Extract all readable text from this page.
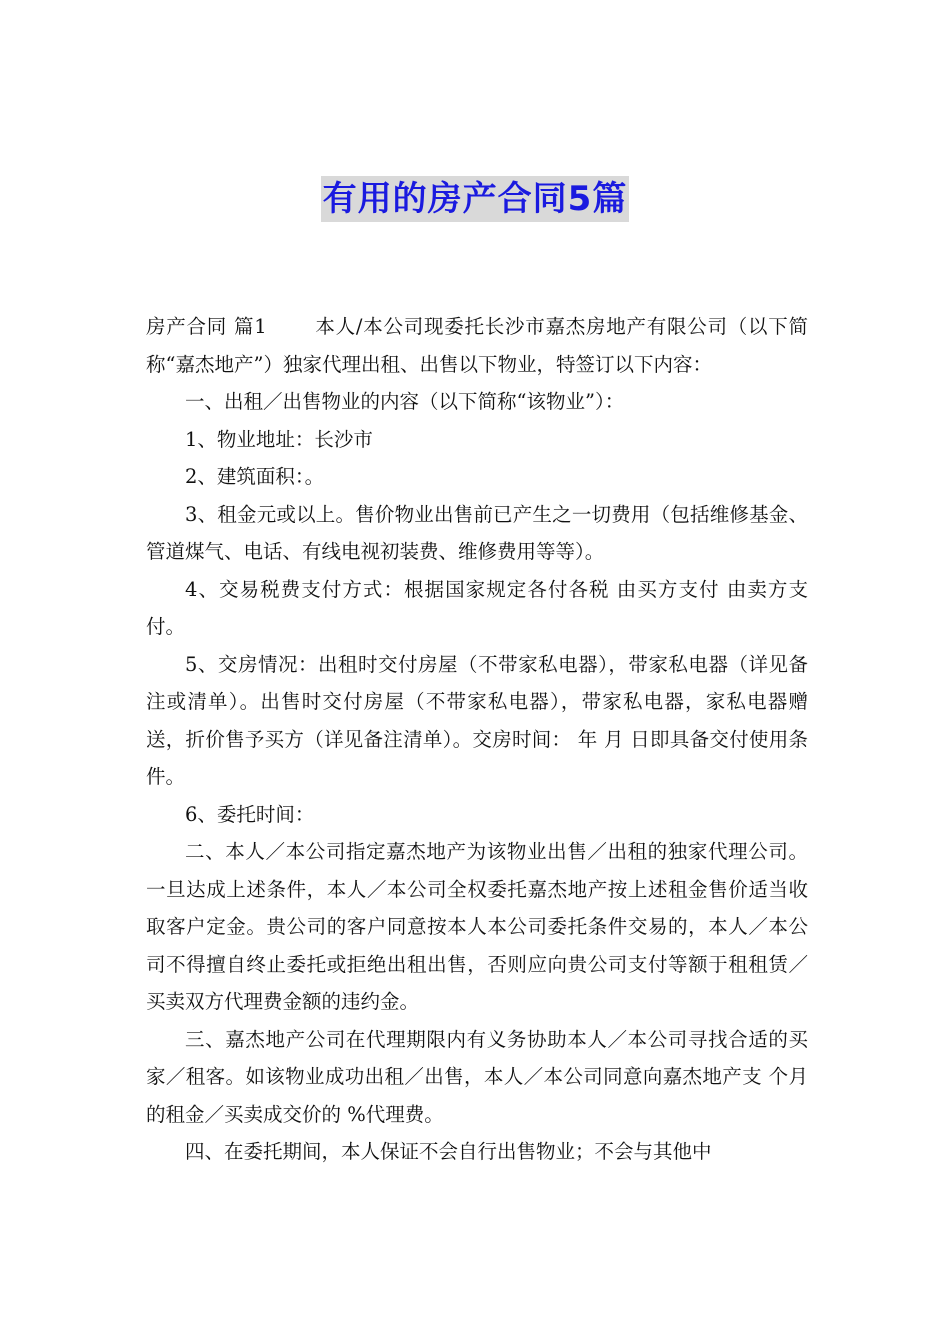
有用的房产合同5篇

房产合同 篇1 本人/本公司现委托长沙市嘉杰房地产有限公司（以下简称“嘉杰地产”）独家代理出租、出售以下物业，特签订以下内容：

一、出租／出售物业的内容（以下简称“该物业”）：

1、物业地址：长沙市

2、建筑面积：。

3、租金元或以上。售价物业出售前已产生之一切费用（包括维修基金、管道煤气、电话、有线电视初装费、维修费用等等）。

4、交易税费支付方式：根据国家规定各付各税 由买方支付 由卖方支付。

5、交房情况：出租时交付房屋（不带家私电器），带家私电器（详见备注或清单）。出售时交付房屋（不带家私电器），带家私电器，家私电器赠送，折价售予买方（详见备注清单）。交房时间： 年 月 日即具备交付使用条件。

6、委托时间：

二、本人／本公司指定嘉杰地产为该物业出售／出租的独家代理公司。一旦达成上述条件，本人／本公司全权委托嘉杰地产按上述租金售价适当收取客户定金。贵公司的客户同意按本人本公司委托条件交易的，本人／本公司不得擅自终止委托或拒绝出租出售，否则应向贵公司支付等额于租租赁／买卖双方代理费金额的违约金。

三、嘉杰地产公司在代理期限内有义务协助本人／本公司寻找合适的买家／租客。如该物业成功出租／出售，本人／本公司同意向嘉杰地产支 个月的租金／买卖成交价的 %代理费。

四、在委托期间，本人保证不会自行出售物业；不会与其他中
